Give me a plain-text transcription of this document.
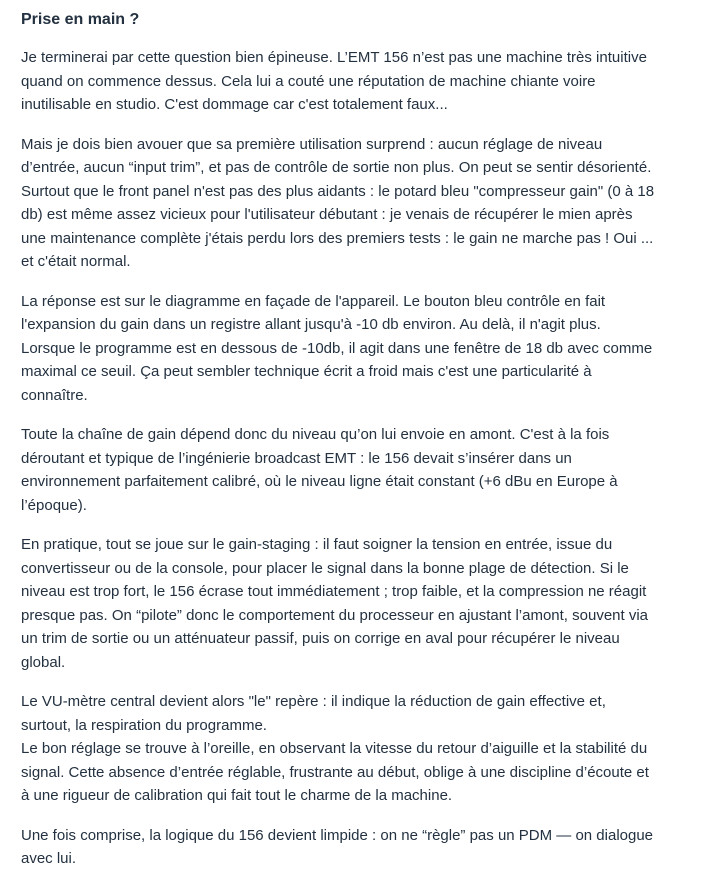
Prise en main ?

Je terminerai par cette question bien épineuse. L’EMT 156 n’est pas une machine très intuitive
quand on commence dessus. Cela lui a couté une réputation de machine chiante voire
inutilisable en studio. C'est dommage car c'est totalement faux...

Mais je dois bien avouer que sa première utilisation surprend : aucun réglage de niveau
d’entrée, aucun “input trim”, et pas de contrôle de sortie non plus. On peut se sentir désorienté.
Surtout que le front panel n'est pas des plus aidants : le potard bleu "compresseur gain" (0 à 18
db) est même assez vicieux pour l'utilisateur débutant : je venais de récupérer le mien après
une maintenance complète j'étais perdu lors des premiers tests : le gain ne marche pas ! Oui ...
et c'était normal.

La réponse est sur le diagramme en façade de l'appareil. Le bouton bleu contrôle en fait
l'expansion du gain dans un registre allant jusqu'à -10 db environ. Au delà, il n'agit plus.
Lorsque le programme est en dessous de -10db, il agit dans une fenêtre de 18 db avec comme
maximal ce seuil. Ça peut sembler technique écrit a froid mais c'est une particularité à
connaître.

Toute la chaîne de gain dépend donc du niveau qu’on lui envoie en amont. C'est à la fois
déroutant et typique de l’ingénierie broadcast EMT : le 156 devait s’insérer dans un
environnement parfaitement calibré, où le niveau ligne était constant (+6 dBu en Europe à
l’époque).

En pratique, tout se joue sur le gain-staging : il faut soigner la tension en entrée, issue du
convertisseur ou de la console, pour placer le signal dans la bonne plage de détection. Si le
niveau est trop fort, le 156 écrase tout immédiatement ; trop faible, et la compression ne réagit
presque pas. On “pilote” donc le comportement du processeur en ajustant l’amont, souvent via
un trim de sortie ou un atténuateur passif, puis on corrige en aval pour récupérer le niveau
global.

Le VU-mètre central devient alors "le" repère : il indique la réduction de gain effective et,
surtout, la respiration du programme.
Le bon réglage se trouve à l’oreille, en observant la vitesse du retour d’aiguille et la stabilité du
signal. Cette absence d’entrée réglable, frustrante au début, oblige à une discipline d’écoute et
à une rigueur de calibration qui fait tout le charme de la machine.

Une fois comprise, la logique du 156 devient limpide : on ne “règle” pas un PDM — on dialogue
avec lui.
